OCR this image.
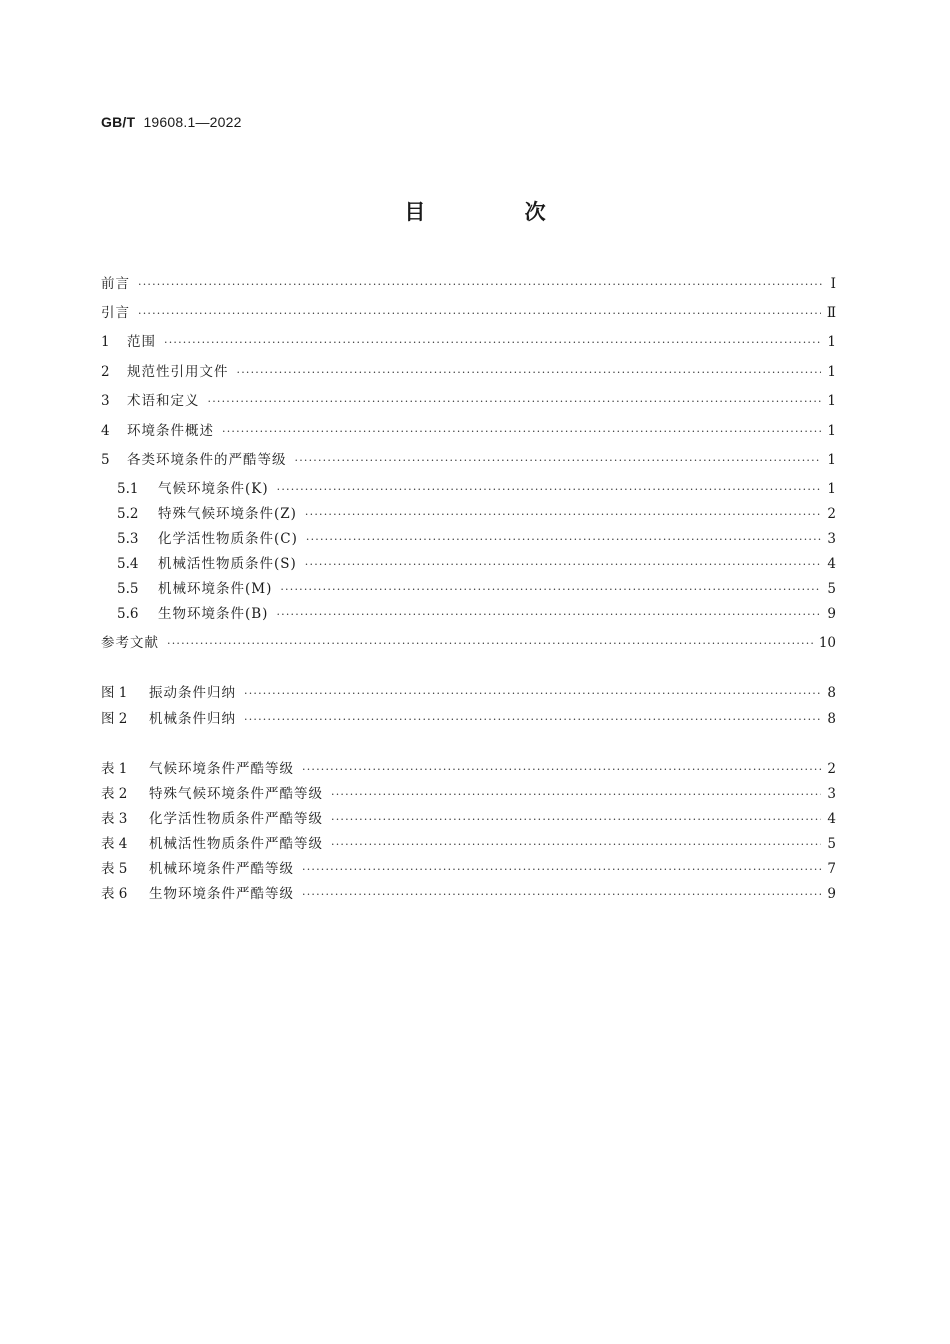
GB/T 19608.1—2022
目 次
前言 ·····	Ⅰ
引言 ·····	Ⅱ
1	范围 ·····	1
2	规范性引用文件 ·····	1
3	术语和定义 ·····	1
4	环境条件概述 ·····	1
5	各类环境条件的严酷等级 ·····	1
5.1	气候环境条件(K) ·····	1
5.2	特殊气候环境条件(Z) ·····	2
5.3	化学活性物质条件(C) ·····	3
5.4	机械活性物质条件(S) ·····	4
5.5	机械环境条件(M) ·····	5
5.6	生物环境条件(B) ·····	9
参考文献 ·····	10
图 1	振动条件归纳 ·····	8
图 2	机械条件归纳 ·····	8
表 1	气候环境条件严酷等级 ·····	2
表 2	特殊气候环境条件严酷等级 ·····	3
表 3	化学活性物质条件严酷等级 ·····	4
表 4	机械活性物质条件严酷等级 ·····	5
表 5	机械环境条件严酷等级 ·····	7
表 6	生物环境条件严酷等级 ·····	9
